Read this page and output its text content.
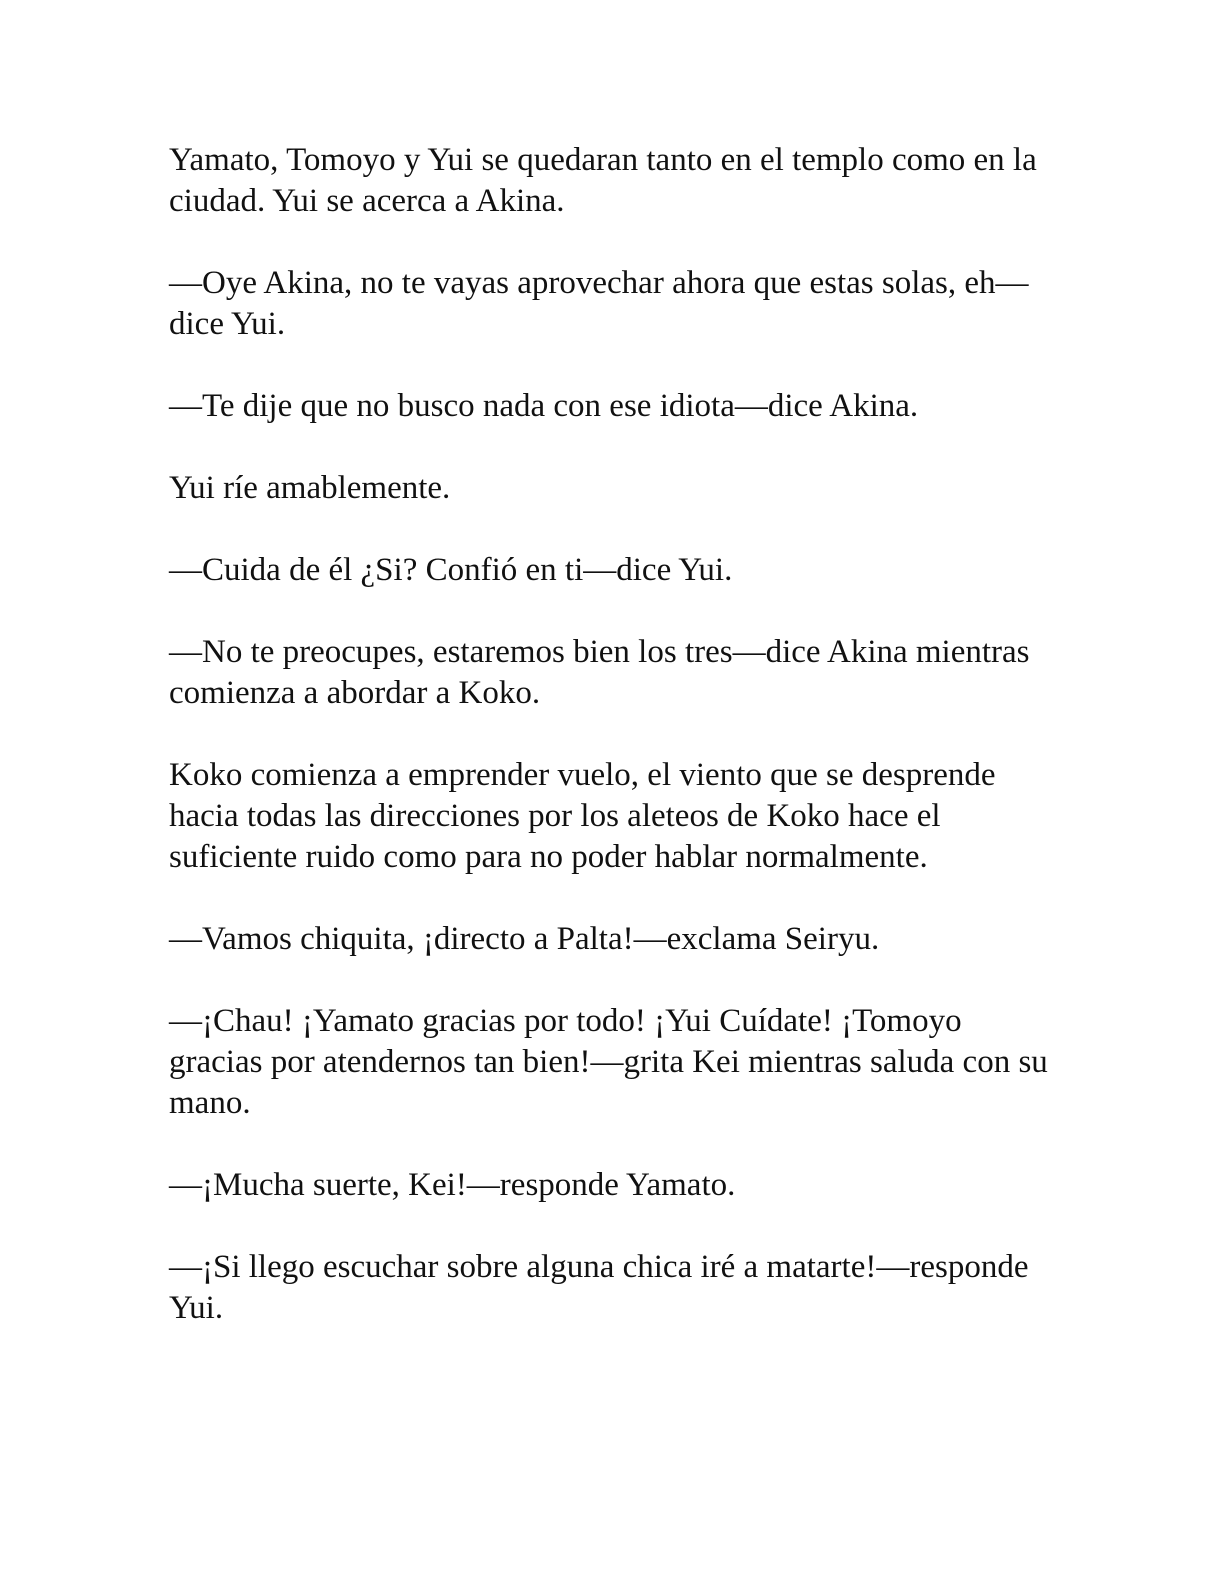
Yamato, Tomoyo y Yui se quedaran tanto en el templo como en la ciudad. Yui se acerca a Akina.

—Oye Akina, no te vayas aprovechar ahora que estas solas, eh—dice Yui.

—Te dije que no busco nada con ese idiota—dice Akina.

Yui ríe amablemente.

—Cuida de él ¿Si? Confió en ti—dice Yui.

—No te preocupes, estaremos bien los tres—dice Akina mientras comienza a abordar a Koko.

Koko comienza a emprender vuelo, el viento que se desprende hacia todas las direcciones por los aleteos de Koko hace el suficiente ruido como para no poder hablar normalmente.

—Vamos chiquita, ¡directo a Palta!—exclama Seiryu.

—¡Chau! ¡Yamato gracias por todo! ¡Yui Cuídate! ¡Tomoyo gracias por atendernos tan bien!—grita Kei mientras saluda con su mano.

—¡Mucha suerte, Kei!—responde Yamato.

—¡Si llego escuchar sobre alguna chica iré a matarte!—responde Yui.
